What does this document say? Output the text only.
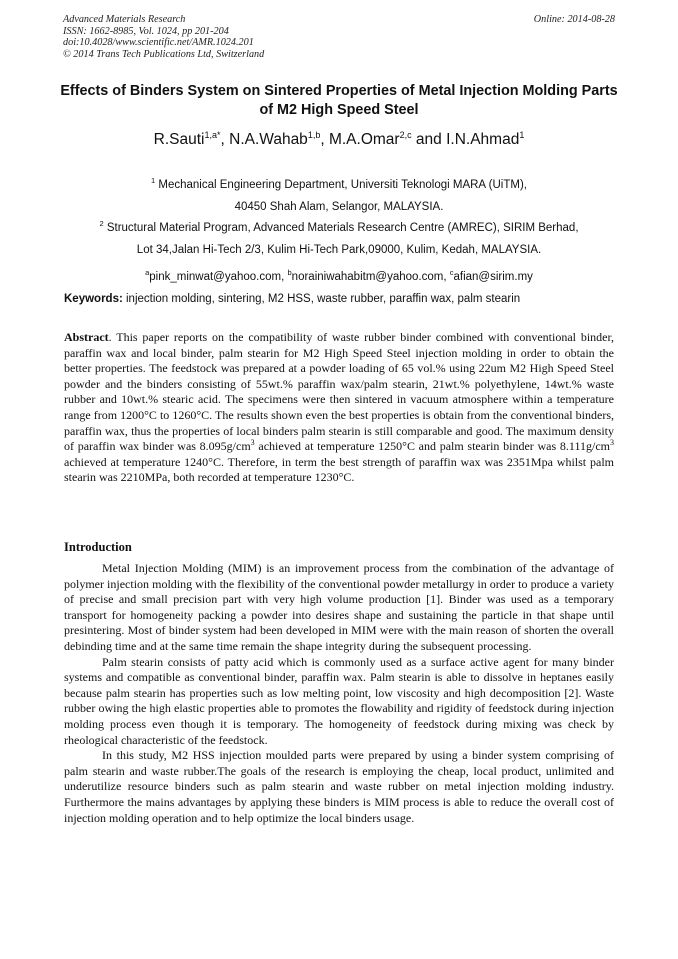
Advanced Materials Research
ISSN: 1662-8985, Vol. 1024, pp 201-204
doi:10.4028/www.scientific.net/AMR.1024.201
© 2014 Trans Tech Publications Ltd, Switzerland
Online: 2014-08-28
Effects of Binders System on Sintered Properties of Metal Injection Molding Parts of M2 High Speed Steel
R.Sauti$^{1,a*}$, N.A.Wahab$^{1,b}$, M.A.Omar$^{2,c}$ and I.N.Ahmad$^1$
$^1$ Mechanical Engineering Department, Universiti Teknologi MARA (UiTM),
40450 Shah Alam, Selangor, MALAYSIA.
$^2$ Structural Material Program, Advanced Materials Research Centre (AMREC), SIRIM Berhad,
Lot 34,Jalan Hi-Tech 2/3, Kulim Hi-Tech Park,09000, Kulim, Kedah, MALAYSIA.
$^a$pink_minwat@yahoo.com, $^b$norainiwahabitm@yahoo.com, $^c$afian@sirim.my
Keywords: injection molding, sintering, M2 HSS, waste rubber, paraffin wax, palm stearin
Abstract. This paper reports on the compatibility of waste rubber binder combined with conventional binder, paraffin wax and local binder, palm stearin for M2 High Speed Steel injection molding in order to obtain the better properties. The feedstock was prepared at a powder loading of 65 vol.% using 22um M2 High Speed Steel powder and the binders consisting of 55wt.% paraffin wax/palm stearin, 21wt.% polyethylene, 14wt.% waste rubber and 10wt.% stearic acid. The specimens were then sintered in vacuum atmosphere within a temperature range from 1200°C to 1260°C. The results shown even the best properties is obtain from the conventional binders, paraffin wax, thus the properties of local binders palm stearin is still comparable and good. The maximum density of paraffin wax binder was $8.095g/cm^3$ achieved at temperature 1250°C and palm stearin binder was $8.111g/cm^3$ achieved at temperature 1240°C. Therefore, in term the best strength of paraffin wax was 2351Mpa whilst palm stearin was 2210MPa, both recorded at temperature 1230°C.
Introduction
Metal Injection Molding (MIM) is an improvement process from the combination of the advantage of polymer injection molding with the flexibility of the conventional powder metallurgy in order to produce a variety of precise and small precision part with very high volume production [1]. Binder was used as a temporary transport for homogeneity packing a powder into desires shape and sustaining the particle in that shape until presintering. Most of binder system had been developed in MIM were with the main reason of shorten the overall debinding time and at the same time remain the shape integrity during the subsequent processing.
Palm stearin consists of patty acid which is commonly used as a surface active agent for many binder systems and compatible as conventional binder, paraffin wax. Palm stearin is able to dissolve in heptanes easily because palm stearin has properties such as low melting point, low viscosity and high decomposition [2]. Waste rubber owing the high elastic properties able to promotes the flowability and rigidity of feedstock during injection molding process even though it is temporary. The homogeneity of feedstock during mixing was check by rheological characteristic of the feedstock.
In this study, M2 HSS injection moulded parts were prepared by using a binder system comprising of palm stearin and waste rubber.The goals of the research is employing the cheap, local product, unlimited and underutilize resource binders such as palm stearin and waste rubber on metal injection molding industry. Furthermore the mains advantages by applying these binders is MIM process is able to reduce the overall cost of injection molding operation and to help optimize the local binders usage.
